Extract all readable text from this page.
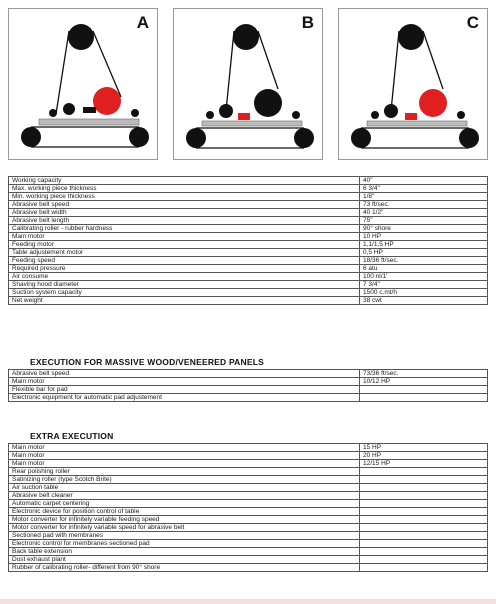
A	B	C
Working capacity	40"
Max. working piece thickness	6 3/4"
Min. working piece thickness	1/8"
Abrasive belt speed	73 ft/sec.
Abrasive belt width	40 1/2"
Abrasive belt length	75"
Calibrating roller - rubber hardness	90° shore
Main motor	10 HP
Feeding motor	1,1/1,5 HP
Table adjustement motor	0,5 HP
Feeding speed	18/36 ft/sec.
Required pressure	6 atu
Air consume	100 nl/1'
Shaving hood diameter	7 3/4"
Suction system capacity	1500 c.mt/h
Net weight	38 cwt
EXECUTION FOR MASSIVE WOOD/VENEERED PANELS
Abrasive belt speed	73/36 ft/sec.
Main motor	10/12 HP
Flexible bar for pad	
Electronic equipment for automatic pad adjustement	
EXTRA EXECUTION
Main motor	15 HP
Main motor	20 HP
Main motor	12/15 HP
Rear polishing roller	
Satinizing roller (type Scotch Brite)	
Air suction table	
Abrasive belt cleaner	
Automatic carpet centering	
Electronic device for position control of table	
Motor converter for infinitely variable feeding speed	
Motor converter for infinitely variable speed for abrasive belt	
Sectioned pad with membranes	
Electronic control for membranes sectioned pad	
Back table extension	
Dust exhaust plant	
Rubber of calibrating roller- different from 90° shore	
